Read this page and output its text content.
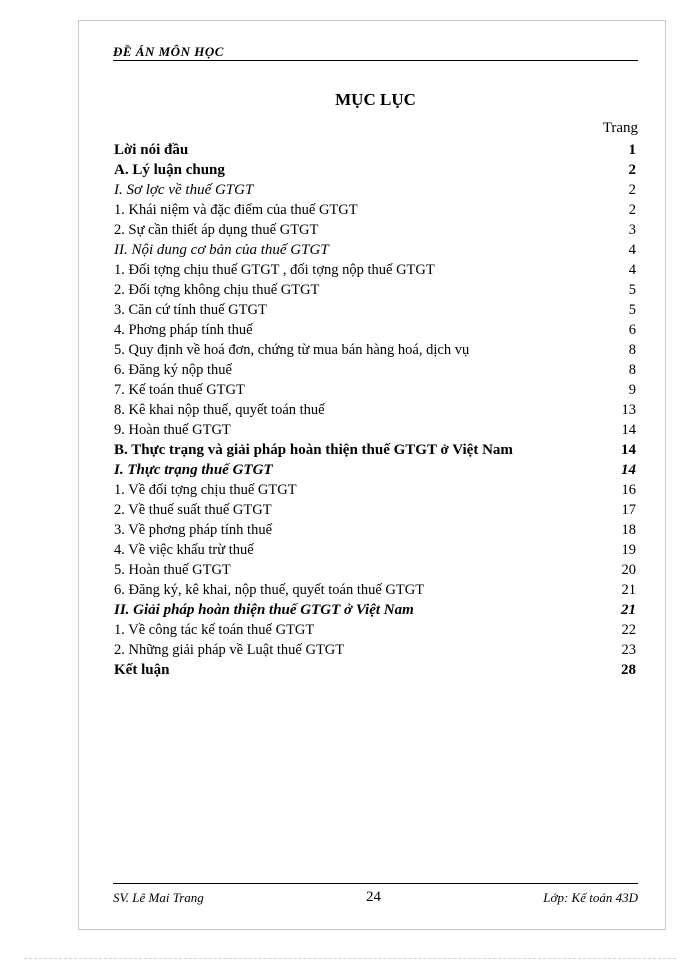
ĐỀ ÁN MÔN HỌC
MỤC LỤC
Trang
Lời nói đầu	1
A. Lý luận chung	2
I. Sơ lợc về thuế GTGT	2
1. Khái niệm và đặc điểm của thuế GTGT	2
2. Sự cần thiết áp dụng thuế GTGT	3
II. Nội dung cơ bản của thuế GTGT	4
1. Đối tợng chịu thuế GTGT , đối tợng nộp thuế GTGT	4
2. Đối tợng không chịu thuế GTGT	5
3. Căn cứ tính thuế GTGT	5
4. Phơng pháp tính thuế	6
5. Quy định về hoá đơn, chứng từ mua bán hàng hoá, dịch vụ	8
6. Đăng ký nộp thuế	8
7. Kế toán thuế GTGT	9
8. Kê khai nộp thuế, quyết toán thuế	13
9. Hoàn thuế GTGT	14
B. Thực trạng và giải pháp hoàn thiện thuế GTGT ở Việt Nam	14
I. Thực trạng thuế GTGT	14
1. Về đối tợng chịu thuế GTGT	16
2. Về thuế suất thuế GTGT	17
3. Về phơng pháp tính thuế	18
4. Về việc khấu trừ thuế	19
5. Hoàn thuế GTGT	20
6. Đăng ký, kê khai, nộp thuế, quyết toán thuế GTGT	21
II. Giải pháp hoàn thiện thuế GTGT ở Việt Nam	21
1. Về công tác kế toán thuế GTGT	22
2. Những giải pháp về Luật thuế GTGT	23
Kết luận	28
SV. Lê Mai Trang	24	Lớp: Kế toán 43D
